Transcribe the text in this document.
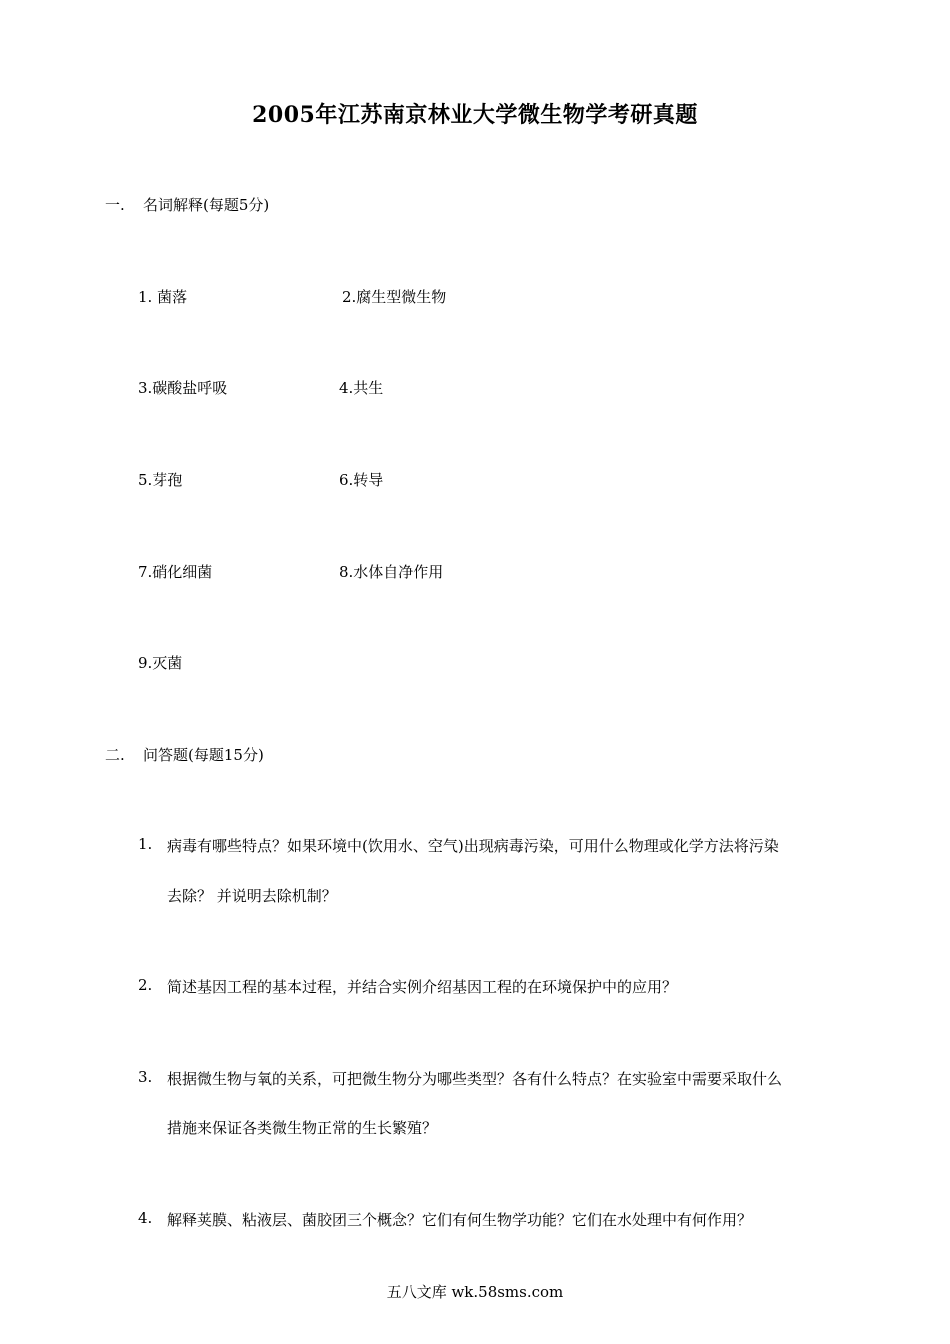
2005年江苏南京林业大学微生物学考研真题
一. 名词解释(每题5分)
1. 菌落	2.腐生型微生物
3.碳酸盐呼吸	4.共生
5.芽孢	6.转导
7.硝化细菌	8.水体自净作用
9.灭菌
二. 问答题(每题15分)
1. 病毒有哪些特点？如果环境中(饮用水、空气)出现病毒污染，可用什么物理或化学方法将污染
去除？ 并说明去除机制？
2. 简述基因工程的基本过程，并结合实例介绍基因工程的在环境保护中的应用？
3. 根据微生物与氧的关系，可把微生物分为哪些类型？各有什么特点？在实验室中需要采取什么
措施来保证各类微生物正常的生长繁殖？
4. 解释荚膜、粘液层、菌胶团三个概念？它们有何生物学功能？它们在水处理中有何作用？
五八文库 wk.58sms.com
